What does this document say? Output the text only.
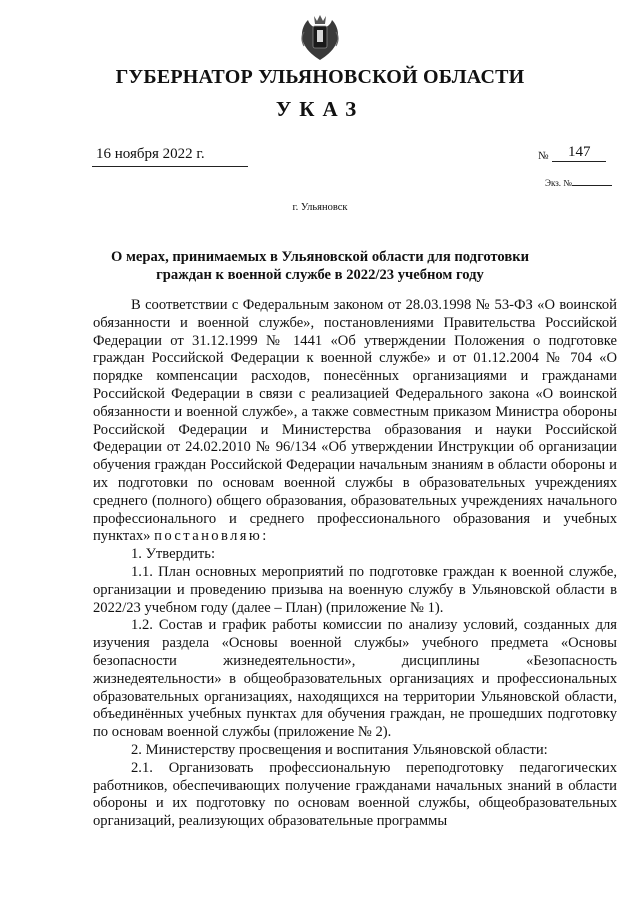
ГУБЕРНАТОР УЛЬЯНОВСКОЙ ОБЛАСТИ
УКАЗ
16 ноября 2022 г.	№ 147
Экз. №
г. Ульяновск
О мерах, принимаемых в Ульяновской области для подготовки граждан к военной службе в 2022/23 учебном году

В соответствии с Федеральным законом от 28.03.1998 № 53-ФЗ «О воинской обязанности и военной службе», постановлениями Правительства Российской Федерации от 31.12.1999 № 1441 «Об утверждении Положения о подготовке граждан Российской Федерации к военной службе» и от 01.12.2004 № 704 «О порядке компенсации расходов, понесённых организациями и гражданами Российской Федерации в связи с реализацией Федерального закона «О воинской обязанности и военной службе», а также совместным приказом Министра обороны Российской Федерации и Министерства образования и науки Российской Федерации от 24.02.2010 № 96/134 «Об утверждении Инструкции об организации обучения граждан Российской Федерации начальным знаниям в области обороны и их подготовки по основам военной службы в образовательных учреждениях среднего (полного) общего образования, образовательных учреждениях начального профессионального и среднего профессионального образования и учебных пунктах» постановляю:

1. Утвердить:

1.1. План основных мероприятий по подготовке граждан к военной службе, организации и проведению призыва на военную службу в Ульяновской области в 2022/23 учебном году (далее – План) (приложение № 1).

1.2. Состав и график работы комиссии по анализу условий, созданных для изучения раздела «Основы военной службы» учебного предмета «Основы безопасности жизнедеятельности», дисциплины «Безопасность жизнедеятельности» в общеобразовательных организациях и профессиональных образовательных организациях, находящихся на территории Ульяновской области, объединённых учебных пунктах для обучения граждан, не прошедших подготовку по основам военной службы (приложение № 2).

2. Министерству просвещения и воспитания Ульяновской области:

2.1. Организовать профессиональную переподготовку педагогических работников, обеспечивающих получение гражданами начальных знаний в области обороны и их подготовку по основам военной службы, общеобразовательных организаций, реализующих образовательные программы
